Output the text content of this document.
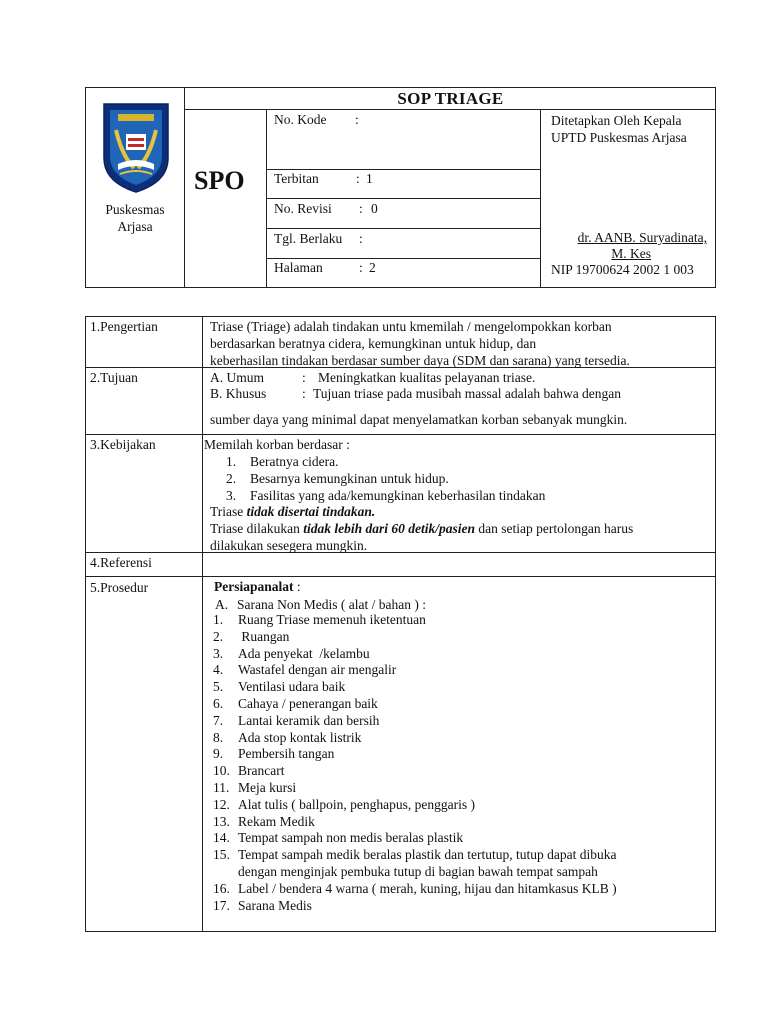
Puskesmas
Arjasa
SOP TRIAGE
SPO
No. Kode :
Terbitan	: 1
No. Revisi : 0
Tgl. Berlaku :
Halaman	: 2
Ditetapkan Oleh Kepala
UPTD Puskesmas Arjasa
dr. AANB. Suryadinata,
M. Kes
NIP 19700624 2002 1 003
1.Pengertian	Triase (Triage) adalah tindakan untu kmemilah / mengelompokkan korban
berdasarkan beratnya cidera, kemungkinan untuk hidup, dan
keberhasilan tindakan berdasar sumber daya (SDM dan sarana) yang tersedia.
2.Tujuan	A. Umum	: Meningkatkan kualitas pelayanan triase.
B. Khusus	: Tujuan triase pada musibah massal adalah bahwa dengan
sumber daya yang minimal dapat menyelamatkan korban sebanyak mungkin.
3.Kebijakan	Memilah korban berdasar :
1. Beratnya cidera.
2. Besarnya kemungkinan untuk hidup.
3. Fasilitas yang ada/kemungkinan keberhasilan tindakan
Triase tidak disertai tindakan.
Triase dilakukan tidak lebih dari 60 detik/pasien dan setiap pertolongan harus
dilakukan sesegera mungkin.
4.Referensi
5.Prosedur	Persiapanalat :
A. Sarana Non Medis ( alat / bahan ) :
1. Ruang Triase memenuh iketentuan
2. Ruangan
3. Ada penyekat  /kelambu
4. Wastafel dengan air mengalir
5. Ventilasi udara baik
6. Cahaya / penerangan baik
7. Lantai keramik dan bersih
8. Ada stop kontak listrik
9. Pembersih tangan
10. Brancart
11. Meja kursi
12. Alat tulis ( ballpoin, penghapus, penggaris )
13. Rekam Medik
14. Tempat sampah non medis beralas plastik
15. Tempat sampah medik beralas plastik dan tertutup, tutup dapat dibuka
dengan menginjak pembuka tutup di bagian bawah tempat sampah
16. Label / bendera 4 warna ( merah, kuning, hijau dan hitamkasus KLB )
17. Sarana Medis
